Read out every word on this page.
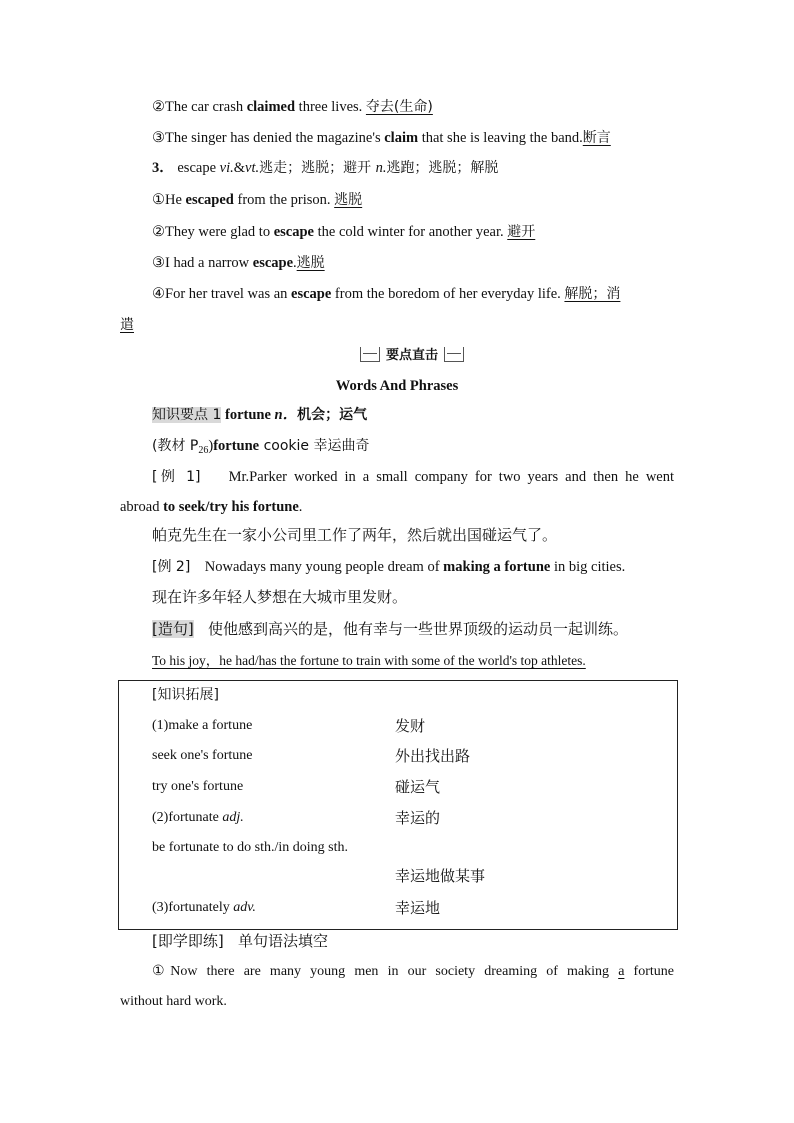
②The car crash claimed three lives. 夺去(生命)
③The singer has denied the magazine's claim that she is leaving the band.断言
3． escape vi.&vt.逃走；逃脱；避开 n.逃跑；逃脱；解脱
①He escaped from the prison. 逃脱
②They were glad to escape the cold winter for another year. 避开
③I had a narrow escape.逃脱
④For her travel was an escape from the boredom of her everyday life. 解脱；消
遣
要点直击
Words And Phrases
知识要点 1 fortune n．机会；运气
(教材 $P_{26})fortune$ cookie 幸运曲奇
[例 1] Mr.Parker worked in a small company for two years and then he went
abroad to seek/try his fortune.
帕克先生在一家小公司里工作了两年，然后就出国碰运气了。
[例 2] Nowadays many young people dream of making a fortune in big cities.
现在许多年轻人梦想在大城市里发财。
[造句] 使他感到高兴的是，他有幸与一些世界顶级的运动员一起训练。
To his joy，he had/has the fortune to train with some of the world's top athletes.
[知识拓展]
(1)make a fortune	发财
seek one's fortune	外出找出路
try one's fortune	碰运气
(2)fortunate adj.	幸运的
be fortunate to do sth./in doing sth.
幸运地做某事
(3)fortunately adv.	幸运地
[即学即练] 单句语法填空
①Now there are many young men in our society dreaming of making a fortune
without hard work.
